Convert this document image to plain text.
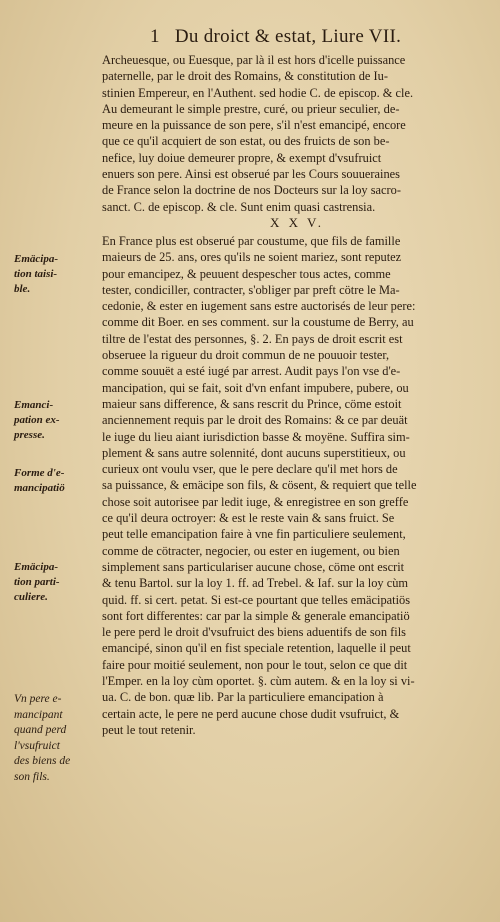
1 Du droict & estat, Liure VII.
Archeuesque, ou Euesque, par là il est hors d'icelle puissance
paternelle, par le droit des Romains, & constitution de Iu-
stinien Empereur, en l'Authent. sed hodie C. de episcop. & cle.
Au demeurant le simple prestre, curé, ou prieur seculier, de-
meure en la puissance de son pere, s'il n'est emancipé, encore
que ce qu'il acquiert de son estat, ou des fruicts de son be-
nefice, luy doiue demeurer propre, & exempt d'vsufruict
enuers son pere. Ainsi est obserué par les Cours souueraines
de France selon la doctrine de nos Docteurs sur la loy sacro-
sanct. C. de episcop. & cle. Sunt enim quasi castrensia.
X X V.
En France plus est obserué par coustume, que fils de famille
maieurs de 25. ans, ores qu'ils ne soient mariez, sont reputez
pour emancipez, & peuuent despescher tous actes, comme
tester, condiciller, contracter, s'obliger par preft cötre le Ma-
cedonie, & ester en iugement sans estre auctorisés de leur pere:
comme dit Boer. en ses comment. sur la coustume de Berry, au
tiltre de l'estat des personnes, §. 2. En pays de droit escrit est
obseruee la rigueur du droit commun de ne pouuoir tester,
comme souuët a esté iugé par arrest. Audit pays l'on vse d'e-
mancipation, qui se fait, soit d'vn enfant impubere, pubere, ou
maieur sans difference, & sans rescrit du Prince, cöme estoit
anciennement requis par le droit des Romains: & ce par deuät
le iuge du lieu aiant iurisdiction basse & moyëne. Suffira sim-
plement & sans autre solennité, dont aucuns superstitieux, ou
curieux ont voulu vser, que le pere declare qu'il met hors de
sa puissance, & emäcipe son fils, & cösent, & requiert que telle
chose soit autorisee par ledit iuge, & enregistree en son greffe
ce qu'il deura octroyer: & est le reste vain & sans fruict. Se
peut telle emancipation faire à vne fin particuliere seulement,
comme de cötracter, negocier, ou ester en iugement, ou bien
simplement sans particulariser aucune chose, cöme ont escrit
& tenu Bartol. sur la loy 1. ff. ad Trebel. & Iaf. sur la loy cùm
quid. ff. si cert. petat. Si est-ce pourtant que telles emäcipatiös
sont fort differentes: car par la simple & generale emancipatiö
le pere perd le droit d'vsufruict des biens aduentifs de son fils
emancipé, sinon qu'il en fist speciale retention, laquelle il peut
faire pour moitié seulement, non pour le tout, selon ce que dit
l'Emper. en la loy cùm oportet. §. cùm autem. & en la loy si vi-
ua. C. de bon. quæ lib. Par la particuliere emancipation à
certain acte, le pere ne perd aucune chose dudit vsufruict, &
peut le tout retenir.
Emäcipa-
tion taisi-
ble.
Emanci-
pation ex-
presse.
Forme d'e-
mancipatiö
Emäcipa-
tion parti-
culiere.
Vn pere e-
mancipant
quand perd
l'vsufruict
des biens de
son fils.
